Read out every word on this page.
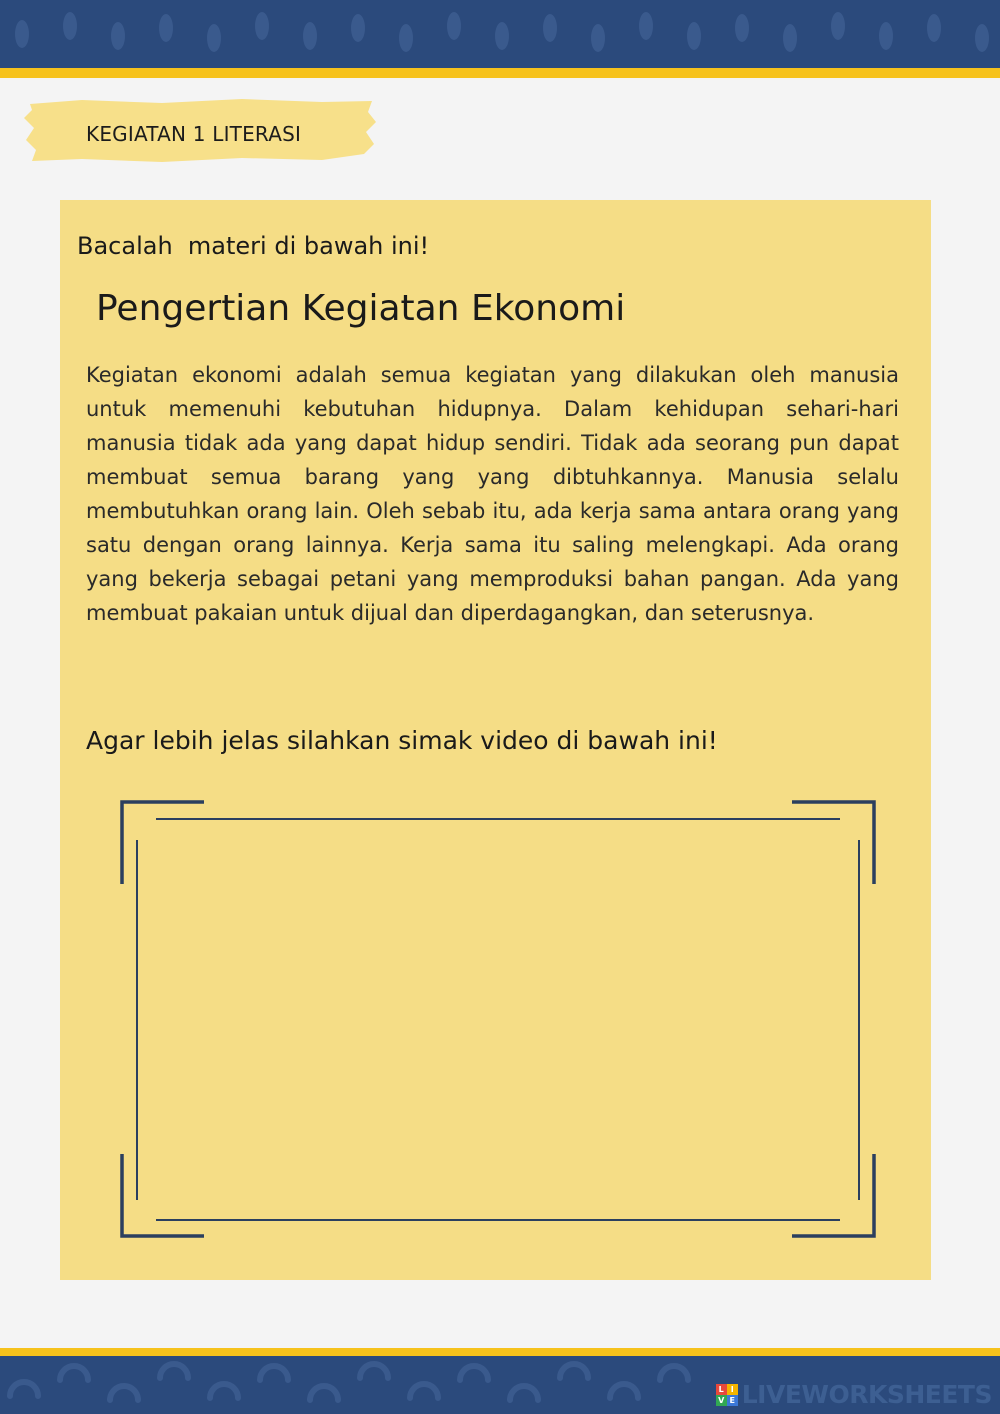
KEGIATAN 1 LITERASI
Bacalah  materi di bawah ini!
Pengertian Kegiatan Ekonomi

Kegiatan ekonomi adalah semua kegiatan yang dilakukan oleh manusia untuk memenuhi kebutuhan hidupnya. Dalam kehidupan sehari-hari manusia tidak ada yang dapat hidup sendiri. Tidak ada seorang pun dapat membuat semua barang yang yang dibtuhkannya. Manusia selalu membutuhkan orang lain. Oleh sebab itu, ada kerja sama antara orang yang satu dengan orang lainnya. Kerja sama itu saling melengkapi. Ada orang yang bekerja sebagai petani yang memproduksi bahan pangan. Ada yang membuat pakaian untuk dijual dan diperdagangkan, dan seterusnya.

Agar lebih jelas silahkan simak video di bawah ini!
L I
V E LIVEWORKSHEETS
